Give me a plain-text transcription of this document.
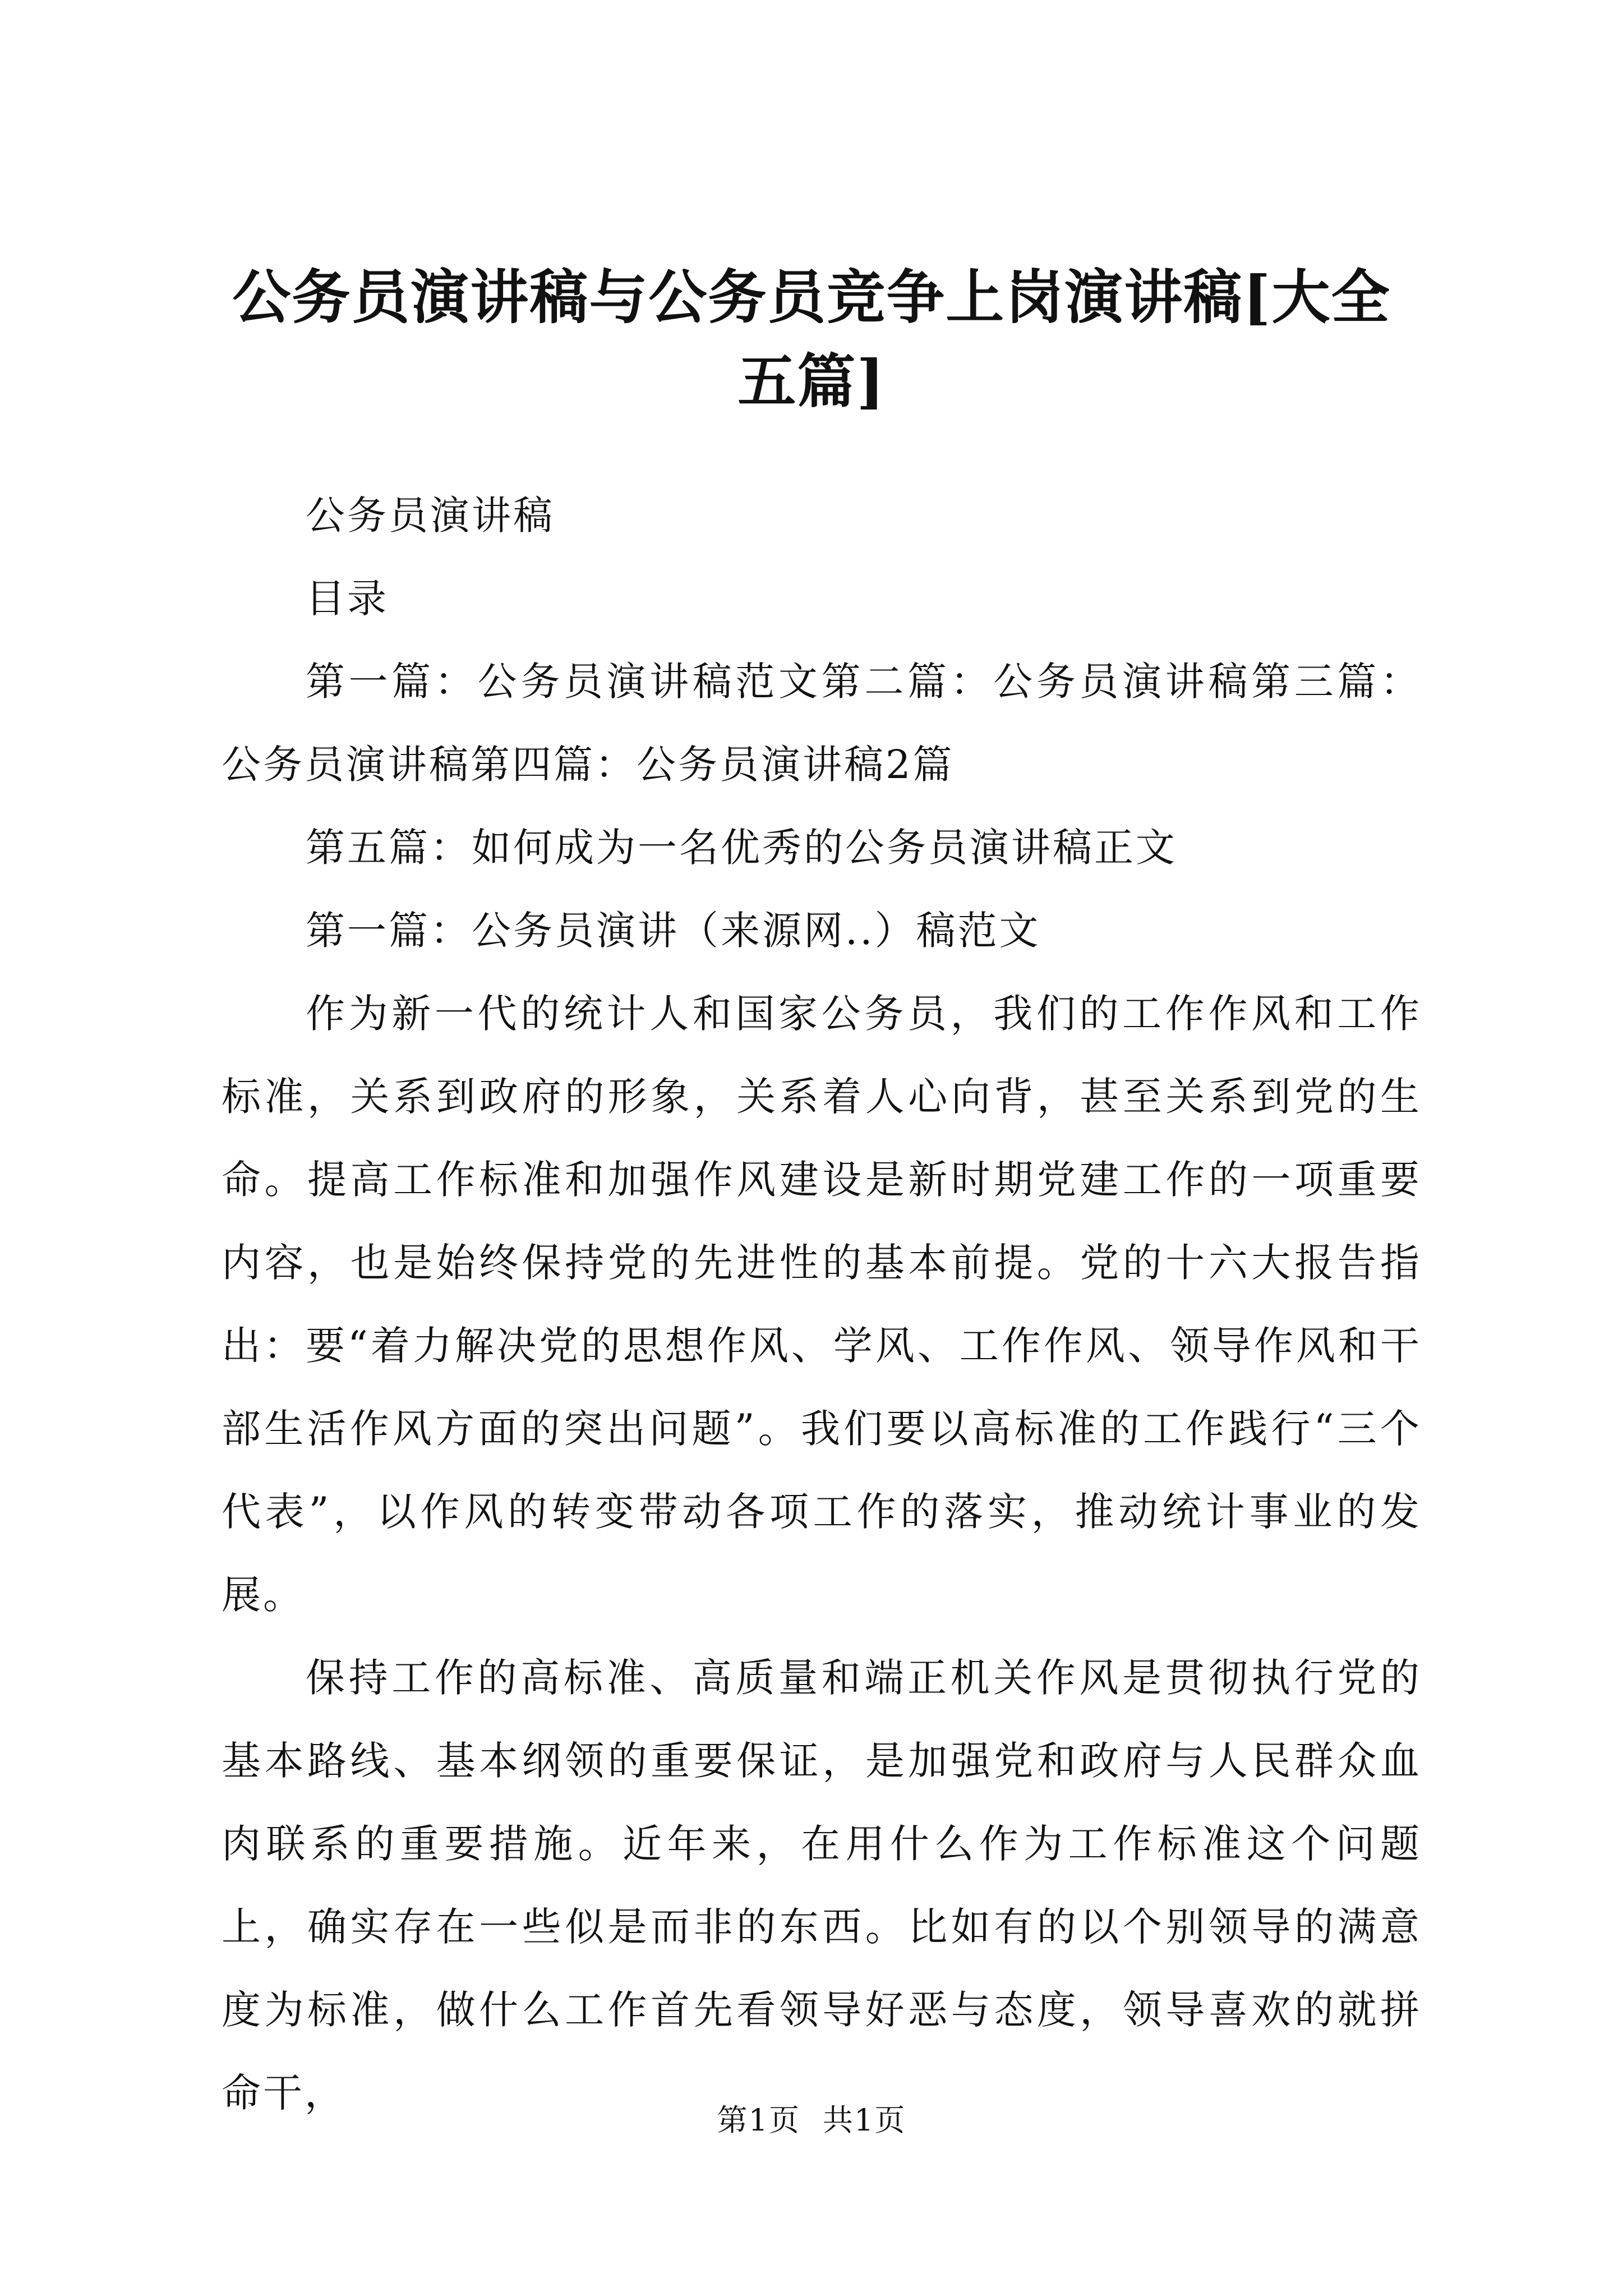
公务员演讲稿与公务员竞争上岗演讲稿[大全五篇]

公务员演讲稿

目录

第一篇：公务员演讲稿范文第二篇：公务员演讲稿第三篇：公务员演讲稿第四篇：公务员演讲稿2篇

第五篇：如何成为一名优秀的公务员演讲稿正文

第一篇：公务员演讲（来源网..）稿范文

作为新一代的统计人和国家公务员，我们的工作作风和工作标准，关系到政府的形象，关系着人心向背，甚至关系到党的生命。提高工作标准和加强作风建设是新时期党建工作的一项重要内容，也是始终保持党的先进性的基本前提。党的十六大报告指出：要“着力解决党的思想作风、学风、工作作风、领导作风和干部生活作风方面的突出问题”。我们要以高标准的工作践行“三个代表”，以作风的转变带动各项工作的落实，推动统计事业的发展。

保持工作的高标准、高质量和端正机关作风是贯彻执行党的基本路线、基本纲领的重要保证，是加强党和政府与人民群众血肉联系的重要措施。近年来，在用什么作为工作标准这个问题上，确实存在一些似是而非的东西。比如有的以个别领导的满意度为标准，做什么工作首先看领导好恶与态度，领导喜欢的就拼命干，

第1页 共1页
